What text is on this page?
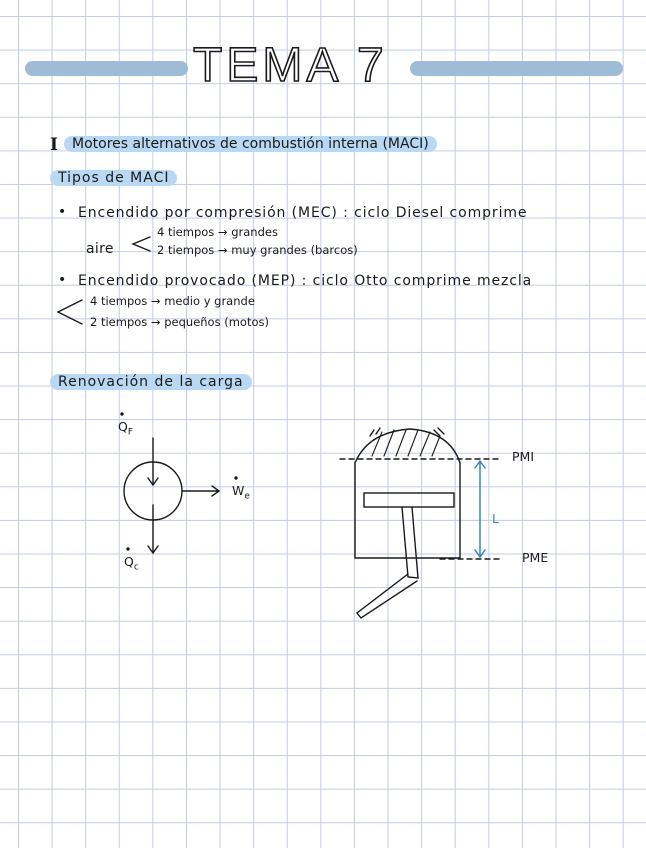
TEMA 7
I	Motores alternativos de combustión interna (MACI)
Tipos de MACI
• Encendido por compresión (MEC) : ciclo Diesel comprime
aire
4 tiempos → grandes
2 tiempos → muy grandes (barcos)
• Encendido provocado (MEP) : ciclo Otto comprime mezcla
4 tiempos → medio y grande
2 tiempos → pequeños (motos)
Renovación de la carga
$Q_F$
$W_e$
$Q_c$
PMI
PME
L
